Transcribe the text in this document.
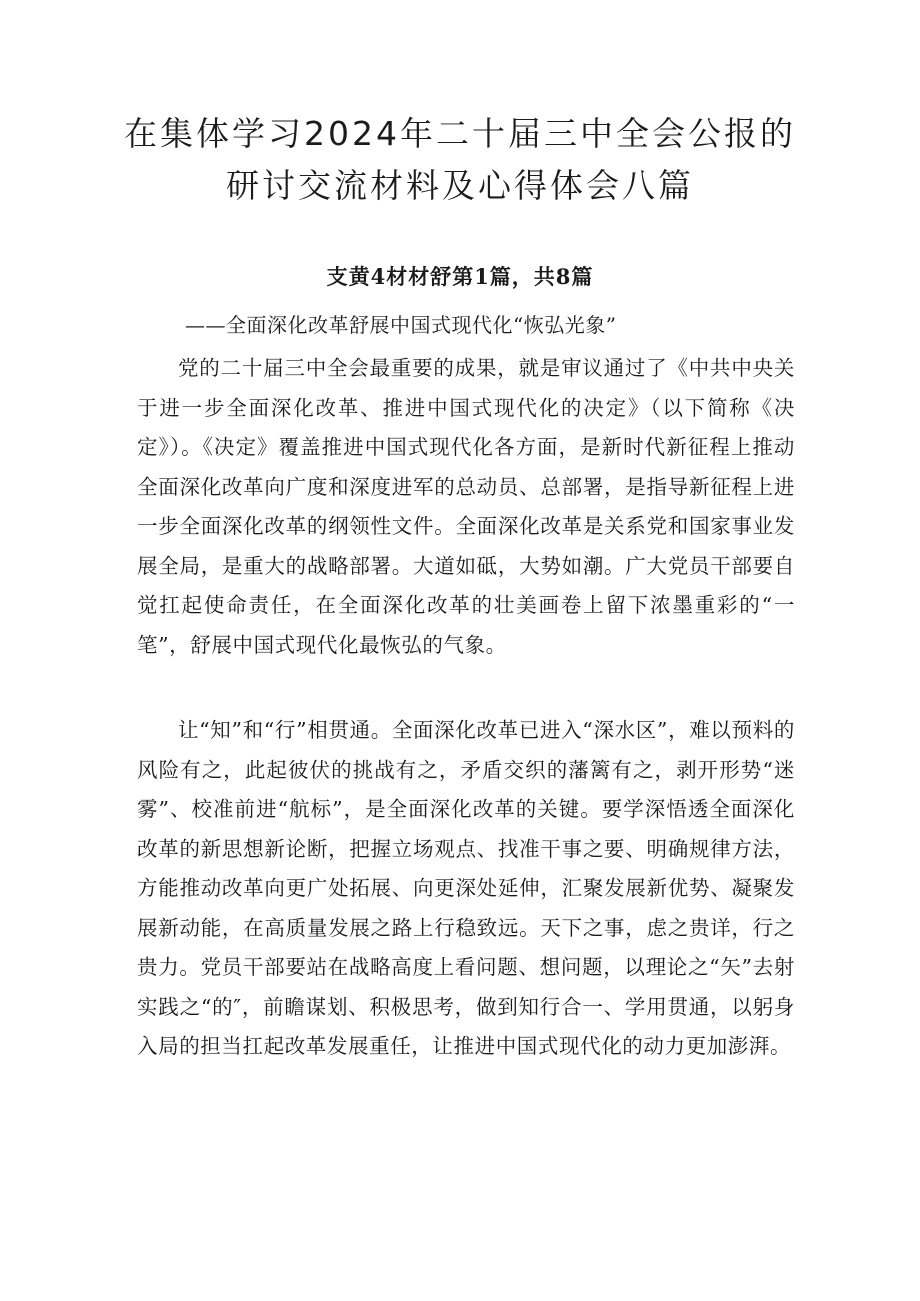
在集体学习2024年二十届三中全会公报的
研讨交流材料及心得体会八篇
支黄4材材舒第1篇，共8篇
——全面深化改革舒展中国式现代化“恢弘光象”

党的二十届三中全会最重要的成果，就是审议通过了《中共中央关于进一步全面深化改革、推进中国式现代化的决定》（以下简称《决定》）。《决定》覆盖推进中国式现代化各方面，是新时代新征程上推动全面深化改革向广度和深度进军的总动员、总部署，是指导新征程上进一步全面深化改革的纲领性文件。全面深化改革是关系党和国家事业发展全局，是重大的战略部署。大道如砥，大势如潮。广大党员干部要自觉扛起使命责任，在全面深化改革的壮美画卷上留下浓墨重彩的“一笔”，舒展中国式现代化最恢弘的气象。

让“知”和“行”相贯通。全面深化改革已进入“深水区”，难以预料的风险有之，此起彼伏的挑战有之，矛盾交织的藩篱有之，剥开形势“迷雾”、校准前进“航标”，是全面深化改革的关键。要学深悟透全面深化改革的新思想新论断，把握立场观点、找准干事之要、明确规律方法，方能推动改革向更广处拓展、向更深处延伸，汇聚发展新优势、凝聚发展新动能，在高质量发展之路上行稳致远。天下之事，虑之贵详，行之贵力。党员干部要站在战略高度上看问题、想问题，以理论之“矢”去射实践之“的″，前瞻谋划、积极思考，做到知行合一、学用贯通，以躬身入局的担当扛起改革发展重任，让推进中国式现代化的动力更加澎湃。
